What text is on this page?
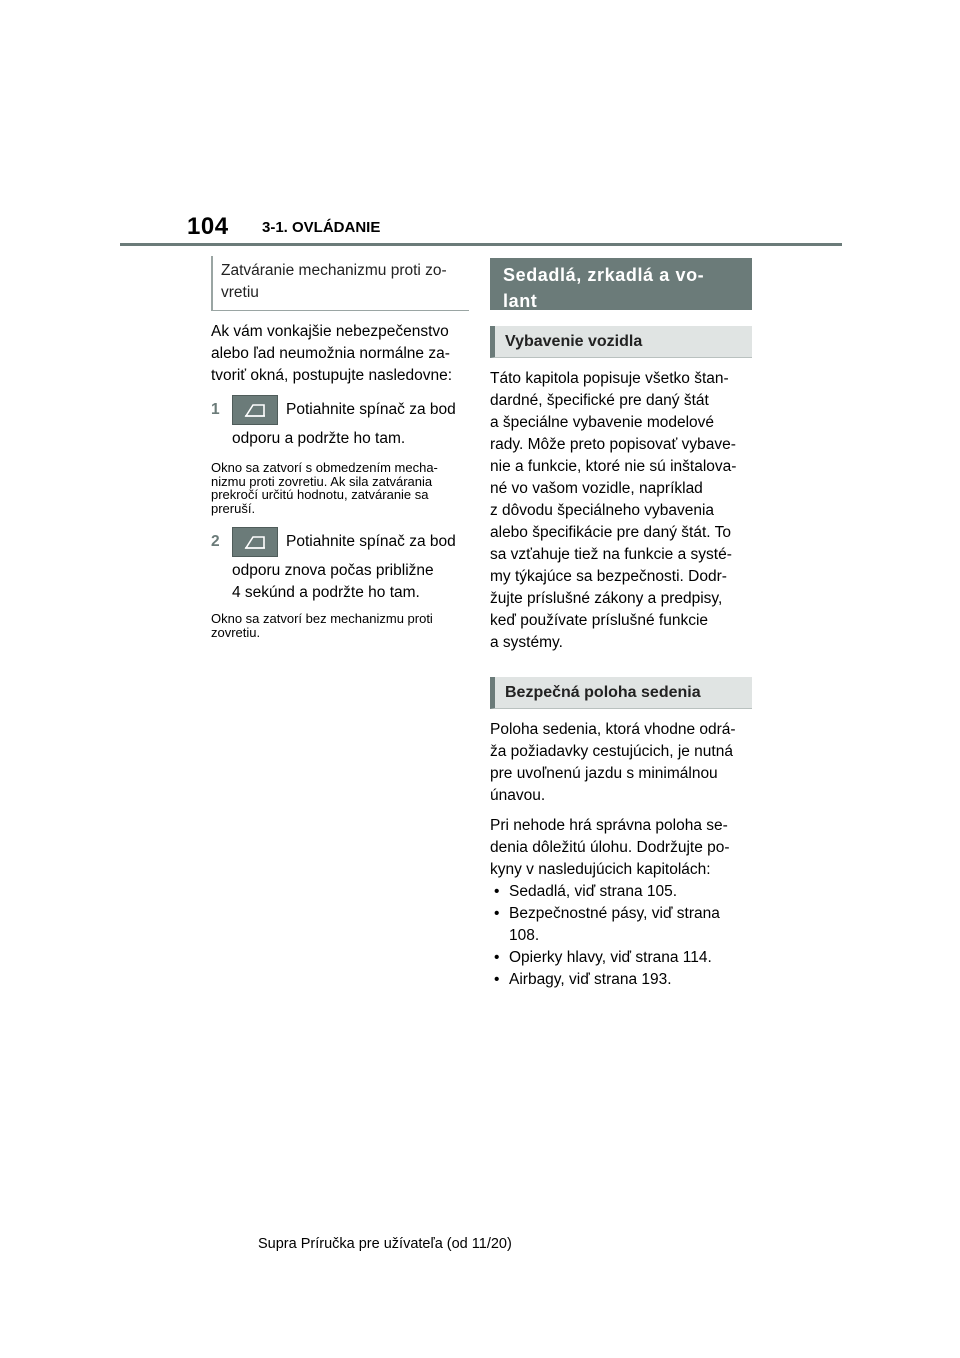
104 3-1. OVLÁDANIE
Zatváranie mechanizmu proti zo-
vretiu

Ak vám vonkajšie nebezpečenstvo
alebo ľad neumožnia normálne za-
tvoriť okná, postupujte nasledovne:

1	Potiahnite spínač za bod
odporu a podržte ho tam.

Okno sa zatvorí s obmedzením mecha-
nizmu proti zovretiu. Ak sila zatvárania
prekročí určitú hodnotu, zatváranie sa
preruší.

2	Potiahnite spínač za bod
odporu znova počas približne
4 sekúnd a podržte ho tam.

Okno sa zatvorí bez mechanizmu proti
zovretiu.

Sedadlá, zrkadlá a vo-
lant
Vybavenie vozidla

Táto kapitola popisuje všetko štan-
dardné, špecifické pre daný štát
a špeciálne vybavenie modelové
rady. Môže preto popisovať vybave-
nie a funkcie, ktoré nie sú inštalova-
né vo vašom vozidle, napríklad
z dôvodu špeciálneho vybavenia
alebo špecifikácie pre daný štát. To
sa vzťahuje tiež na funkcie a systé-
my týkajúce sa bezpečnosti. Dodr-
žujte príslušné zákony a predpisy,
keď používate príslušné funkcie
a systémy.

Bezpečná poloha sedenia

Poloha sedenia, ktorá vhodne odrá-
ža požiadavky cestujúcich, je nutná
pre uvoľnenú jazdu s minimálnou
únavou.

Pri nehode hrá správna poloha se-
denia dôležitú úlohu. Dodržujte po-
kyny v nasledujúcich kapitolách:

• Sedadlá, viď strana 105.
• Bezpečnostné pásy, viď strana
108.
• Opierky hlavy, viď strana 114.
• Airbagy, viď strana 193.
Supra Príručka pre užívateľa (od 11/20)
